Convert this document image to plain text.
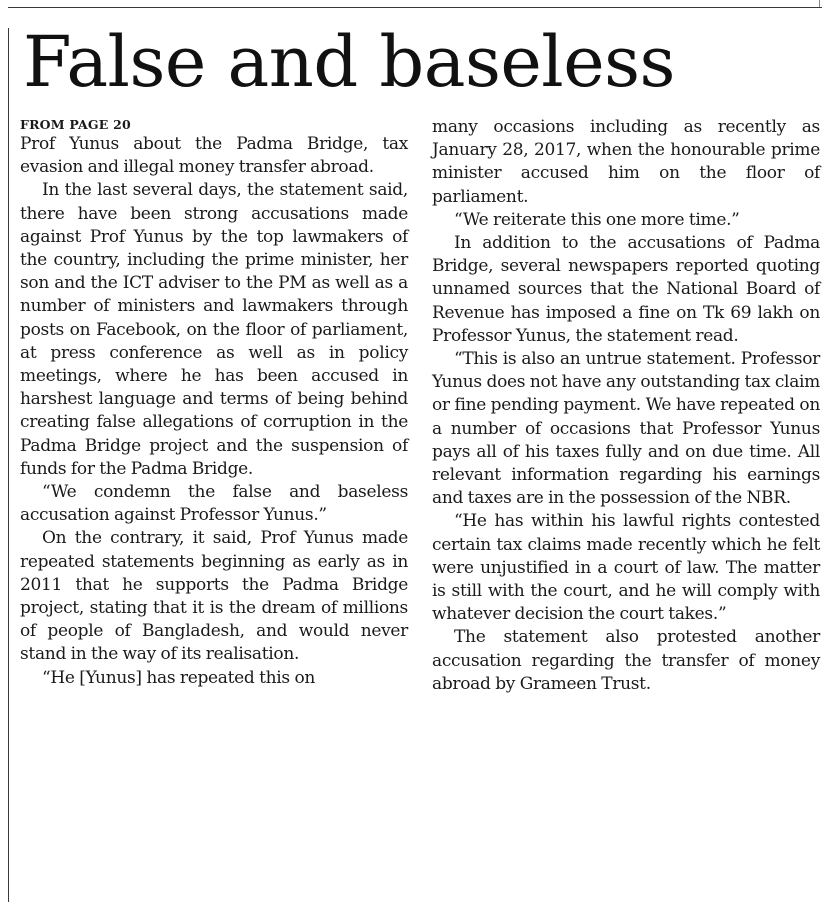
False and baseless
FROM PAGE 20

Prof Yunus about the Padma Bridge, tax evasion and illegal money transfer abroad.

In the last several days, the statement said, there have been strong accusations made against Prof Yunus by the top lawmakers of the country, including the prime minister, her son and the ICT adviser to the PM as well as a number of ministers and lawmakers through posts on Facebook, on the floor of parliament, at press conference as well as in policy meetings, where he has been accused in harshest language and terms of being behind creating false allegations of corruption in the Padma Bridge project and the suspension of funds for the Padma Bridge.

“We condemn the false and baseless accusation against Professor Yunus.”

On the contrary, it said, Prof Yunus made repeated statements beginning as early as in 2011 that he supports the Padma Bridge project, stating that it is the dream of millions of people of Bangladesh, and would never stand in the way of its realisation.

“He [Yunus] has repeated this on

many occasions including as recently as January 28, 2017, when the honourable prime minister accused him on the floor of parliament.

“We reiterate this one more time.”

In addition to the accusations of Padma Bridge, several newspapers reported quoting unnamed sources that the National Board of Revenue has imposed a fine on Tk 69 lakh on Professor Yunus, the statement read.

“This is also an untrue statement. Professor Yunus does not have any outstanding tax claim or fine pending payment. We have repeated on a number of occasions that Professor Yunus pays all of his taxes fully and on due time. All relevant information regarding his earnings and taxes are in the possession of the NBR.

“He has within his lawful rights contested certain tax claims made recently which he felt were unjustified in a court of law. The matter is still with the court, and he will comply with whatever decision the court takes.”

The statement also protested another accusation regarding the transfer of money abroad by Grameen Trust.
